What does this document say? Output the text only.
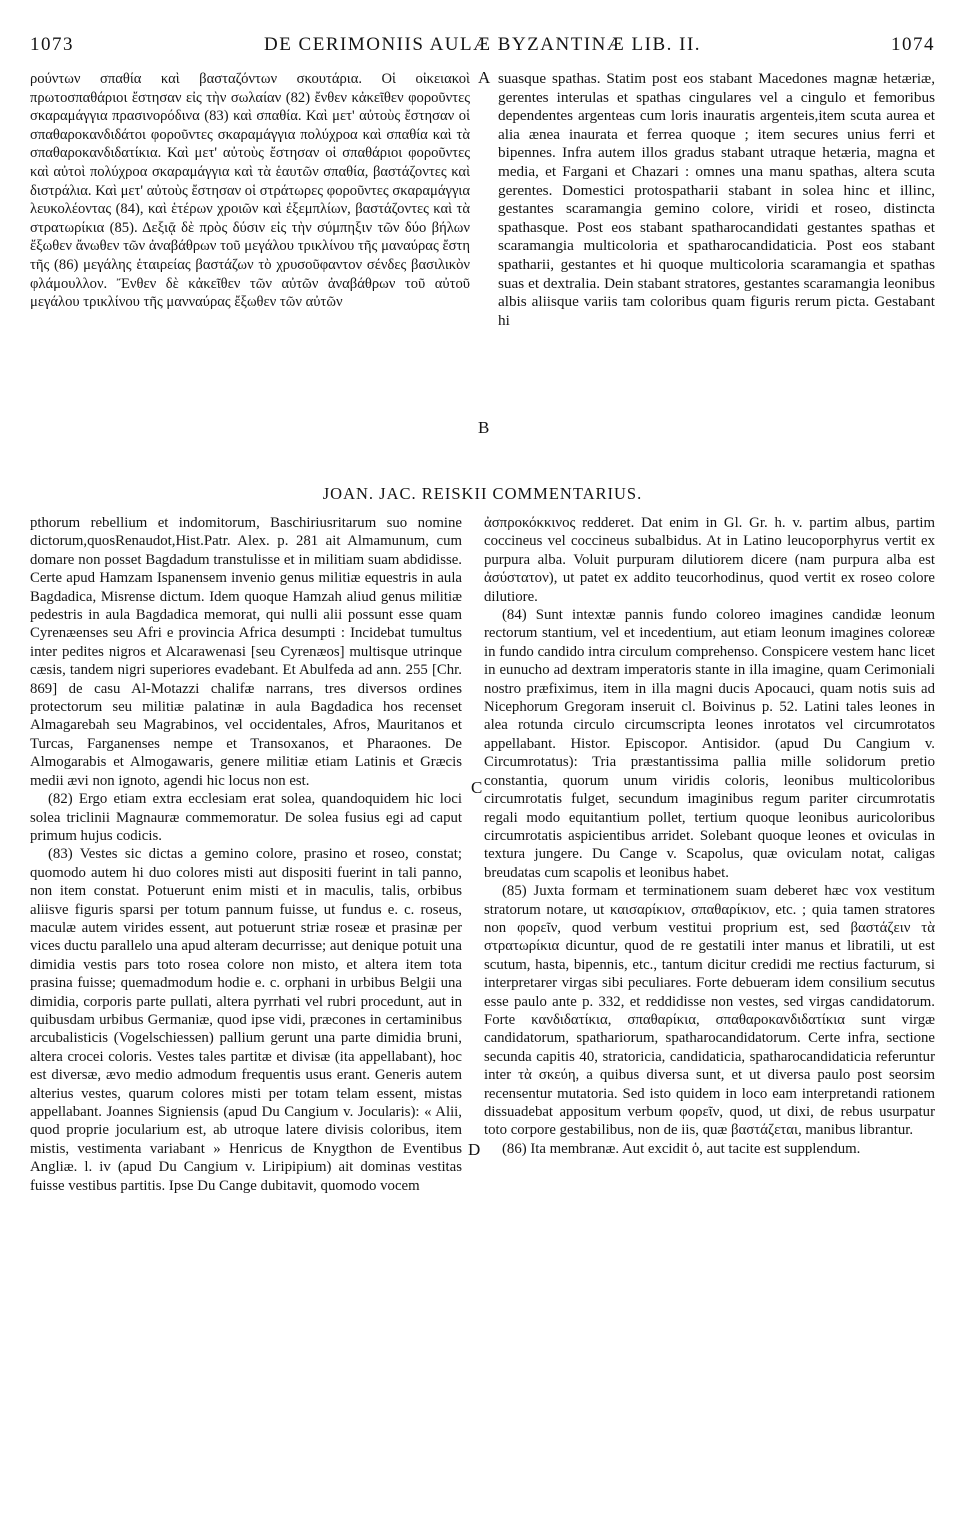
1073	DE CERIMONIIS AULÆ BYZANTINÆ LIB. II.	1074

ρούντων σπαθία καὶ βασταζόντων σκουτάρια. Οἱ οἰκειακοὶ πρωτοσπαθάριοι ἔστησαν εἰς τὴν σωλαίαν (82) ἔνθεν κἀκεῖθεν φοροῦντες σκαραμάγγια πρασινορόδινα (83) καὶ σπαθία. Καὶ μετ' αὐτοὺς ἔστησαν οἱ σπαθαροκανδιδάτοι φοροῦντες σκαραμάγγια πολύχροα καὶ σπαθία καὶ τὰ σπαθαροκανδιδατίκια. Καὶ μετ' αὐτοὺς ἔστησαν οἱ σπαθάριοι φοροῦντες καὶ αὐτοὶ πολύχροα σκαραμάγγια καὶ τὰ ἑαυτῶν σπαθία, βαστάζοντες καὶ διστράλια. Καὶ μετ' αὐτοὺς ἔστησαν οἱ στράτωρες φοροῦντες σκαραμάγγια λευκολέοντας (84), καὶ ἑτέρων χροιῶν καὶ ἐξεμπλίων, βαστάζοντες καὶ τὰ στρατωρίκια (85). Δεξιᾷ δὲ πρὸς δύσιν εἰς τὴν σύμπηξιν τῶν δύο βήλων ἔξωθεν ἄνωθεν τῶν ἀναβάθρων τοῦ μεγάλου τρικλίνου τῆς μαναύρας ἔστη τῆς (86) μεγάλης ἑταιρείας βαστάζων τὸ χρυσοῦφαντον σένδες βασιλικὸν φλάμουλλον. Ἔνθεν δὲ κἀκεῖθεν τῶν αὐτῶν ἀναβάθρων τοῦ αὐτοῦ μεγάλου τρικλίνου τῆς μανναύρας ἔξωθεν τῶν αὐτῶν

A
B
C
D

suasque spathas. Statim post eos stabant Macedones magnæ hetæriæ, gerentes interulas et spathas cingulares vel a cingulo et femoribus dependentes argenteas cum loris inauratis argenteis,item scuta aurea et alia ænea inaurata et ferrea quoque ; item secures unius ferri et bipennes. Infra autem illos gradus stabant utraque hetæria, magna et media, et Fargani et Chazari : omnes una manu spathas, altera scuta gerentes. Domestici protospatharii stabant in solea hinc et illinc, gestantes scaramangia gemino colore, viridi et roseo, distincta spathasque. Post eos stabant spatharocandidati gestantes spathas et scaramangia multicoloria et spatharocandidaticia. Post eos stabant spatharii, gestantes et hi quoque multicoloria scaramangia et spathas suas et dextralia. Dein stabant stratores, gestantes scaramangia leonibus albis aliisque variis tam coloribus quam figuris rerum picta. Gestabant hi

JOAN. JAC. REISKII COMMENTARIUS.

pthorum rebellium et indomitorum, Baschiriusritarum suo nomine dictorum,quosRenaudot,Hist.Patr. Alex. p. 281 ait Almamunum, cum domare non posset Bagdadum transtulisse et in militiam suam abdidisse. Certe apud Hamzam Ispanensem invenio genus militiæ equestris in aula Bagdadica, Misrense dictum. Idem quoque Hamzah aliud genus militiæ pedestris in aula Bagdadica memorat, qui nulli alii possunt esse quam Cyrenæenses seu Afri e provincia Africa desumpti : Incidebat tumultus inter pedites nigros et Alcarawenasi [seu Cyrenæos] multisque utrinque cæsis, tandem nigri superiores evadebant. Et Abulfeda ad ann. 255 [Chr. 869] de casu Al-Motazzi chalifæ narrans, tres diversos ordines protectorum seu militiæ palatinæ in aula Bagdadica hos recenset Almagarebah seu Magrabinos, vel occidentales, Afros, Mauritanos et Turcas, Farganenses nempe et Transoxanos, et Pharaones. De Almogarabis et Almogawaris, genere militiæ etiam Latinis et Græcis medii ævi non ignoto, agendi hic locus non est.

(82) Ergo etiam extra ecclesiam erat solea, quandoquidem hic loci solea triclinii Magnauræ commemoratur. De solea fusius egi ad caput primum hujus codicis.

(83) Vestes sic dictas a gemino colore, prasino et roseo, constat; quomodo autem hi duo colores misti aut dispositi fuerint in tali panno, non item constat. Potuerunt enim misti et in maculis, talis, orbibus aliisve figuris sparsi per totum pannum fuisse, ut fundus e. c. roseus, maculæ autem virides essent, aut potuerunt striæ roseæ et prasinæ per vices ductu parallelo una apud alteram decurrisse; aut denique potuit una dimidia vestis pars toto rosea colore non misto, et altera item tota prasina fuisse; quemadmodum hodie e. c. orphani in urbibus Belgii una dimidia, corporis parte pullati, altera pyrrhati vel rubri procedunt, aut in quibusdam urbibus Germaniæ, quod ipse vidi, præcones in certaminibus arcubalisticis (Vogelschiessen) pallium gerunt una parte dimidia bruni, altera crocei coloris. Vestes tales partitæ et divisæ (ita appellabant), hoc est diversæ, ævo medio admodum frequentis usus erant. Generis autem alterius vestes, quarum colores misti per totam telam essent, mistas appellabant. Joannes Signiensis (apud Du Cangium v. Jocularis): « Alii, quod proprie jocularium est, ab utroque latere divisis coloribus, item mistis, vestimenta variabant » Henricus de Knygthon de Eventibus Angliæ. l. iv (apud Du Cangium v. Liripipium) ait dominas vestitas fuisse vestibus partitis. Ipse Du Cange dubitavit, quomodo vocem

ἀσπροκόκκινος redderet. Dat enim in Gl. Gr. h. v. partim albus, partim coccineus vel coccineus subalbidus. At in Latino leucoporphyrus vertit ex purpura alba. Voluit purpuram dilutiorem dicere (nam purpura alba est ἀσύστατον), ut patet ex addito teucorhodinus, quod vertit ex roseo colore dilutiore.

(84) Sunt intextæ pannis fundo coloreo imagines candidæ leonum rectorum stantium, vel et incedentium, aut etiam leonum imagines coloreæ in fundo candido intra circulum comprehenso. Conspicere vestem hanc licet in eunucho ad dextram imperatoris stante in illa imagine, quam Cerimoniali nostro præfiximus, item in illa magni ducis Apocauci, quam notis suis ad Nicephorum Gregoram inseruit cl. Boivinus p. 52. Latini tales leones in alea rotunda circulo circumscripta leones inrotatos vel circumrotatos appellabant. Histor. Episcopor. Antisidor. (apud Du Cangium v. Circumrotatus): Tria præstantissima pallia mille solidorum pretio constantia, quorum unum viridis coloris, leonibus multicoloribus circumrotatis fulget, secundum imaginibus regum pariter circumrotatis regali modo equitantium pollet, tertium quoque leonibus auricoloribus circumrotatis aspicientibus arridet. Solebant quoque leones et oviculas in textura jungere. Du Cange v. Scapolus, quæ oviculam notat, caligas breudatas cum scapolis et leonibus habet.

(85) Juxta formam et terminationem suam deberet hæc vox vestitum stratorum notare, ut καισαρίκιον, σπαθαρίκιον, etc. ; quia tamen stratores non φορεῖν, quod verbum vestitui proprium est, sed βαστάζειν τὰ στρατωρίκια dicuntur, quod de re gestatili inter manus et libratili, ut est scutum, hasta, bipennis, etc., tantum dicitur credidi me rectius facturum, si interpretarer virgas sibi peculiares. Forte debueram idem consilium secutus esse paulo ante p. 332, et reddidisse non vestes, sed virgas candidatorum. Forte κανδιδατίκια, σπαθαρίκια, σπαθαροκανδιδατίκια sunt virgæ candidatorum, spathariorum, spatharocandidatorum. Certe infra, sectione secunda capitis 40, stratoricia, candidaticia, spatharocandidaticia referuntur inter τὰ σκεύη, a quibus diversa sunt, et ut diversa paulo post seorsim recensentur mutatoria. Sed isto quidem in loco eam interpretandi rationem dissuadebat appositum verbum φορεῖν, quod, ut dixi, de rebus usurpatur toto corpore gestabilibus, non de iis, quæ βαστάζεται, manibus librantur.

(86) Ita membranæ. Aut excidit ὁ, aut tacite est supplendum.
